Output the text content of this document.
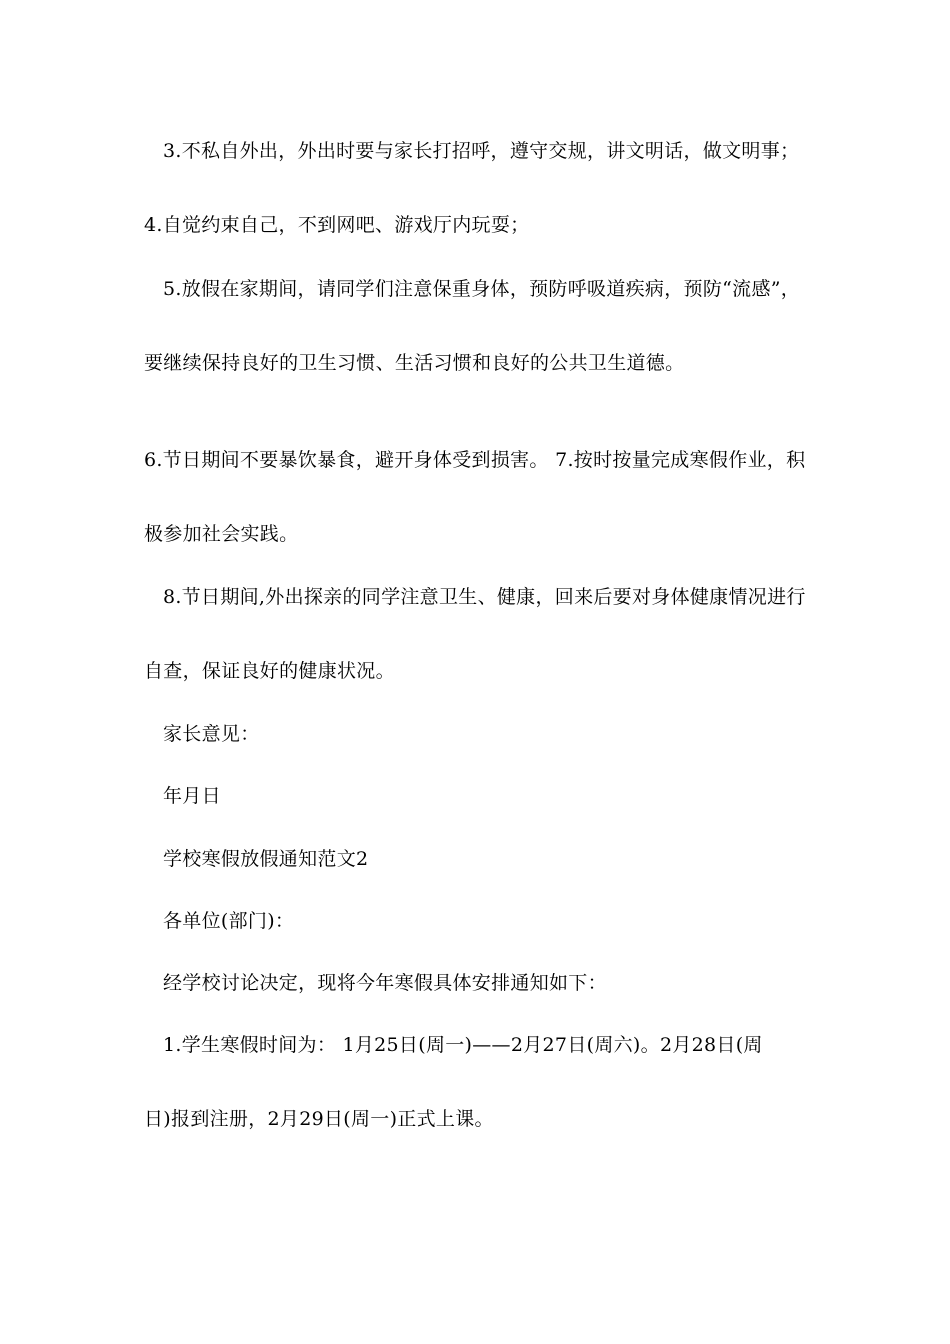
3.不私自外出，外出时要与家长打招呼，遵守交规，讲文明话，做文明事；
4.自觉约束自己，不到网吧、游戏厅内玩耍；
5.放假在家期间，请同学们注意保重身体，预防呼吸道疾病，预防“流感”，
要继续保持良好的卫生习惯、生活习惯和良好的公共卫生道德。
6.节日期间不要暴饮暴食，避开身体受到损害。 7.按时按量完成寒假作业，积
极参加社会实践。
8.节日期间,外出探亲的同学注意卫生、健康，回来后要对身体健康情况进行
自查，保证良好的健康状况。
家长意见：
年月日
学校寒假放假通知范文2
各单位(部门)：
经学校讨论决定，现将今年寒假具体安排通知如下：
1.学生寒假时间为： 1月25日(周一)——2月27日(周六)。2月28日(周
日)报到注册，2月29日(周一)正式上课。
